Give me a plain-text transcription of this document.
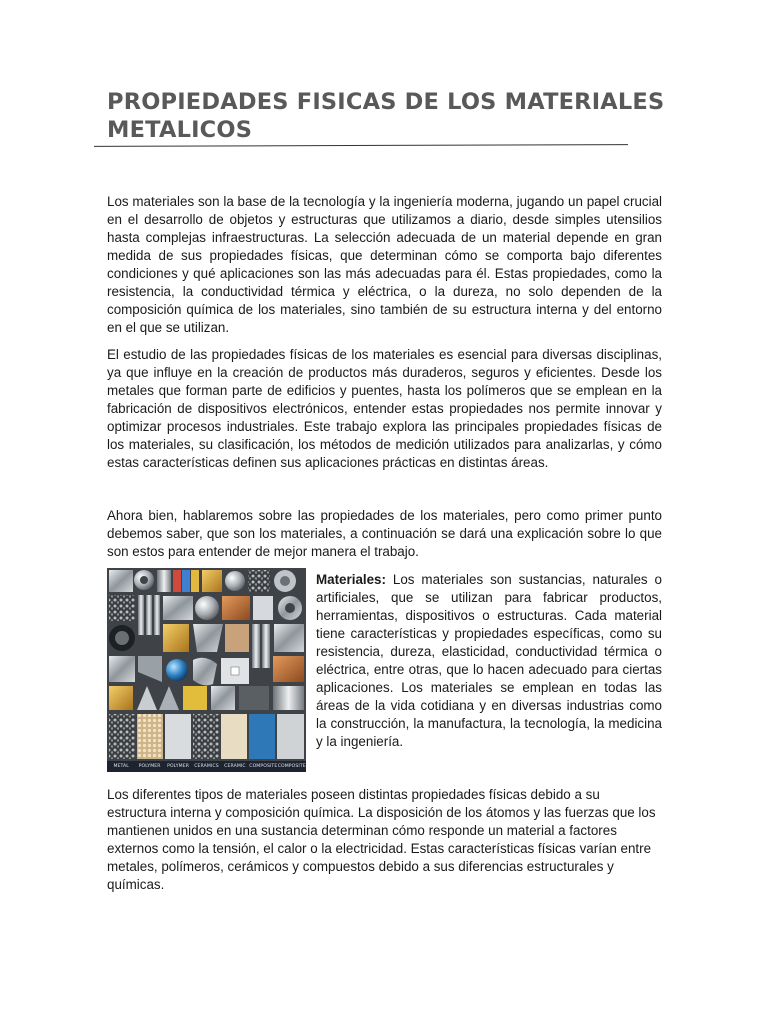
PROPIEDADES FISICAS DE LOS MATERIALES METALICOS

Los materiales son la base de la tecnología y la ingeniería moderna, jugando un papel crucial en el desarrollo de objetos y estructuras que utilizamos a diario, desde simples utensilios hasta complejas infraestructuras. La selección adecuada de un material depende en gran medida de sus propiedades físicas, que determinan cómo se comporta bajo diferentes condiciones y qué aplicaciones son las más adecuadas para él. Estas propiedades, como la resistencia, la conductividad térmica y eléctrica, o la dureza, no solo dependen de la composición química de los materiales, sino también de su estructura interna y del entorno en el que se utilizan.

El estudio de las propiedades físicas de los materiales es esencial para diversas disciplinas, ya que influye en la creación de productos más duraderos, seguros y eficientes. Desde los metales que forman parte de edificios y puentes, hasta los polímeros que se emplean en la fabricación de dispositivos electrónicos, entender estas propiedades nos permite innovar y optimizar procesos industriales. Este trabajo explora las principales propiedades físicas de los materiales, su clasificación, los métodos de medición utilizados para analizarlas, y cómo estas características definen sus aplicaciones prácticas en distintas áreas.

Ahora bien, hablaremos sobre las propiedades de los materiales, pero como primer punto debemos saber, que son los materiales, a continuación se dará una explicación sobre lo que son estos para entender de mejor manera el trabajo.

METAL	POLYMER	POLYMER	CERAMICS	CERAMIC COMPOSITE COMPOSITE

Materiales: Los materiales son sustancias, naturales o artificiales, que se utilizan para fabricar productos, herramientas, dispositivos o estructuras. Cada material tiene características y propiedades específicas, como su resistencia, dureza, elasticidad, conductividad térmica o eléctrica, entre otras, que lo hacen adecuado para ciertas aplicaciones. Los materiales se emplean en todas las áreas de la vida cotidiana y en diversas industrias como la construcción, la manufactura, la tecnología, la medicina y la ingeniería.

Los diferentes tipos de materiales poseen distintas propiedades físicas debido a su estructura interna y composición química. La disposición de los átomos y las fuerzas que los mantienen unidos en una sustancia determinan cómo responde un material a factores externos como la tensión, el calor o la electricidad. Estas características físicas varían entre metales, polímeros, cerámicos y compuestos debido a sus diferencias estructurales y químicas.
